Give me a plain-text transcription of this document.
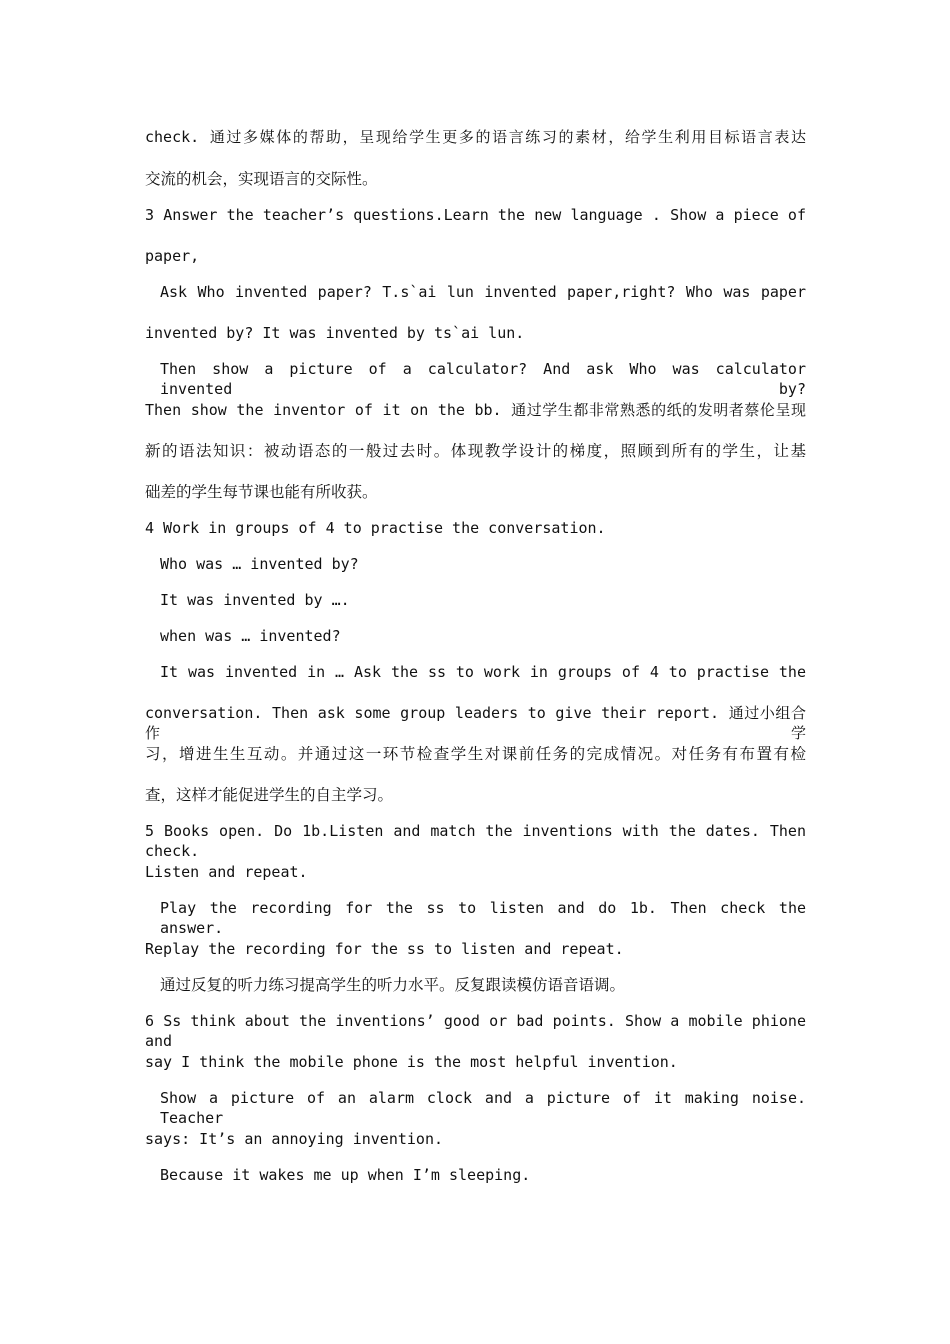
check. 通过多媒体的帮助，呈现给学生更多的语言练习的素材，给学生利用目标语言表达
交流的机会，实现语言的交际性。
3 Answer the teacher’s questions.Learn the new language . Show a piece of
paper,
Ask Who invented paper? T.s`ai lun invented paper,right? Who was paper
invented by? It was invented by ts`ai lun.
Then show a picture of a calculator? And ask Who was calculator invented by?
Then show the inventor of it on the bb. 通过学生都非常熟悉的纸的发明者蔡伦呈现
新的语法知识：被动语态的一般过去时。体现教学设计的梯度，照顾到所有的学生，让基
础差的学生每节课也能有所收获。
4 Work in groups of 4 to practise the conversation.
Who was … invented by?
It was invented by ….
when was … invented?
It was invented in … Ask the ss to work in groups of 4 to practise the
conversation. Then ask some group leaders to give their report. 通过小组合作学
习，增进生生互动。并通过这一环节检查学生对课前任务的完成情况。对任务有布置有检
查，这样才能促进学生的自主学习。
5 Books open. Do 1b.Listen and match the inventions with the dates. Then check.
Listen and repeat.
Play the recording for the ss to listen and do 1b. Then check the answer.
Replay the recording for the ss to listen and repeat.
通过反复的听力练习提高学生的听力水平。反复跟读模仿语音语调。
6 Ss think about the inventions’ good or bad points. Show a mobile phione and
say I think the mobile phone is the most helpful invention.
Show a picture of an alarm clock and a picture of it making noise. Teacher
says: It’s an annoying invention.
Because it wakes me up when I’m sleeping.
